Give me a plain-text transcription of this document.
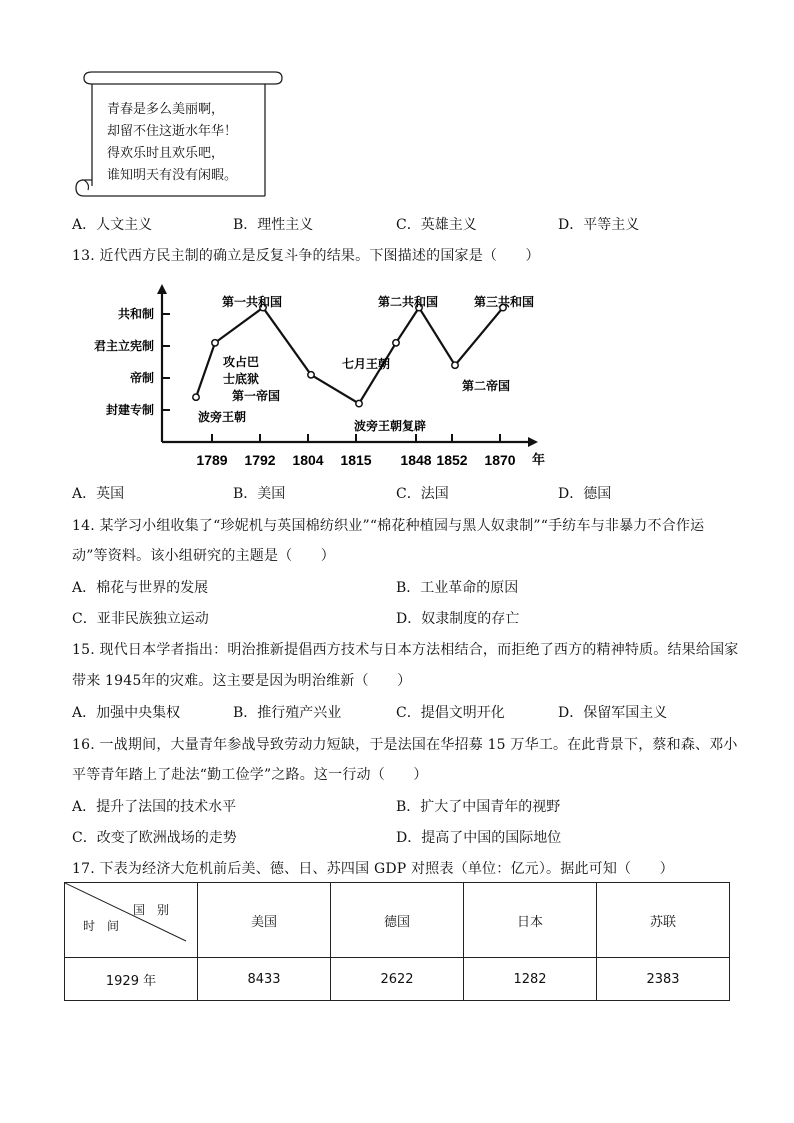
青春是多么美丽啊，
却留不住这逝水年华！
得欢乐时且欢乐吧，
谁知明天有没有闲暇。
A．人文主义	B．理性主义	C．英雄主义	D．平等主义
13. 近代西方民主制的确立是反复斗争的结果。下图描述的国家是（　　）
封建专制
帝制
君主立宪制
共和制
1789 1792 1804 1815 1848 1852 1870 年
第一共和国	第二共和国	第三共和国
攻占巴
士底狱
七月王朝
第一帝国
第二帝国
波旁王朝
波旁王朝复辟
A．英国	B．美国	C．法国	D．德国
14. 某学习小组收集了“珍妮机与英国棉纺织业”“棉花种植园与黑人奴隶制”“手纺车与非暴力不合作运
动”等资料。该小组研究的主题是（　　）
A．棉花与世界的发展	B．工业革命的原因
C．亚非民族独立运动	D．奴隶制度的存亡
15. 现代日本学者指出：明治推新提倡西方技术与日本方法相结合，而拒绝了西方的精神特质。结果给国家
带来 1945年的灾难。这主要是因为明治维新（　　）
A．加强中央集权	B．推行殖产兴业	C．提倡文明开化	D．保留军国主义
16. 一战期间，大量青年参战导致劳动力短缺，于是法国在华招募 15 万华工。在此背景下，蔡和森、邓小
平等青年踏上了赴法“勤工俭学”之路。这一行动（　　）
A．提升了法国的技术水平	B．扩大了中国青年的视野
C．改变了欧洲战场的走势	D．提高了中国的国际地位
17. 下表为经济大危机前后美、德、日、苏四国 GDP 对照表（单位：亿元）。据此可知（　　）
国　别
时　间	美国	德国	日本	苏联
1929 年	8433	2622	1282	2383
